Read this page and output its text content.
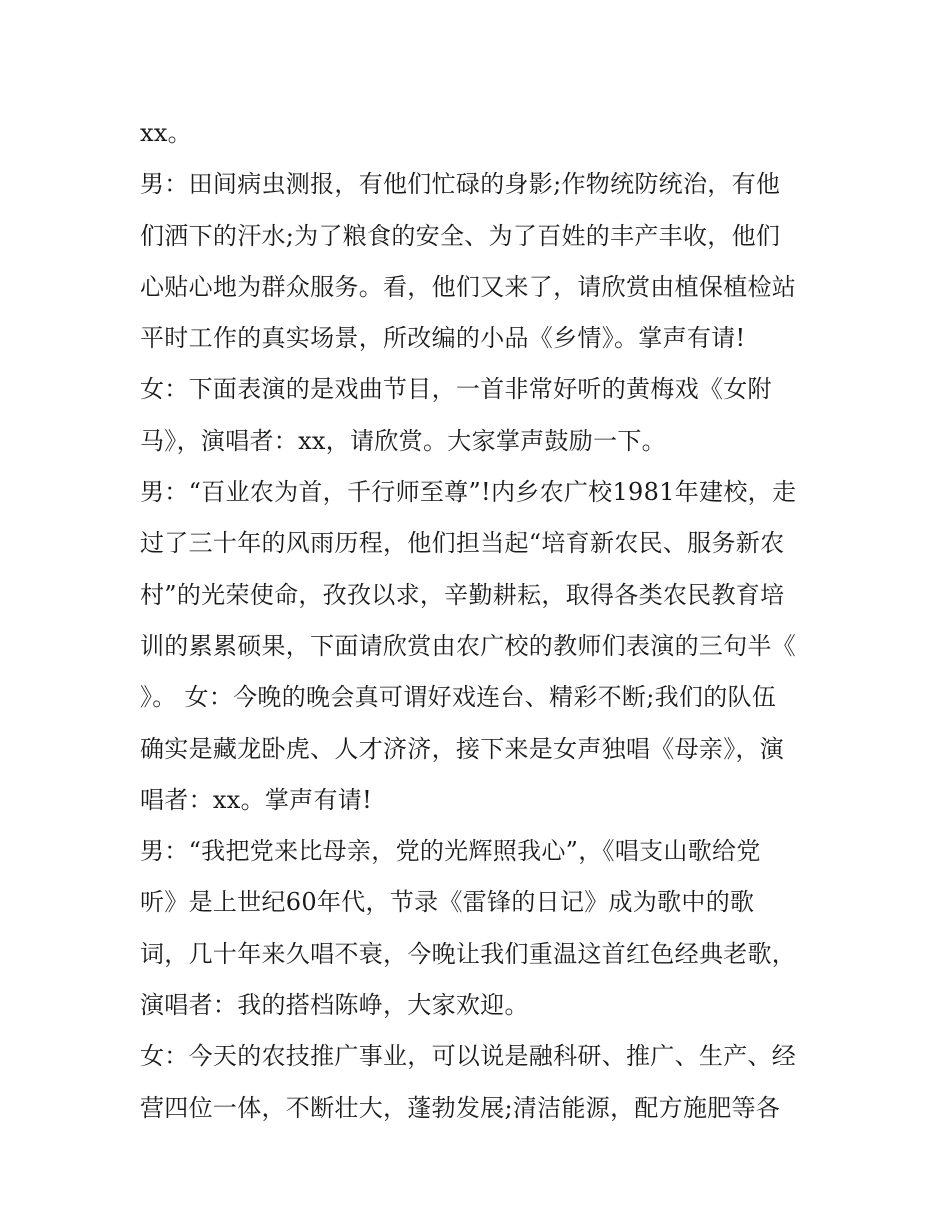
xx。
男：田间病虫测报，有他们忙碌的身影;作物统防统治，有他
们洒下的汗水;为了粮食的安全、为了百姓的丰产丰收，他们
心贴心地为群众服务。看，他们又来了，请欣赏由植保植检站
平时工作的真实场景，所改编的小品《乡情》。掌声有请!
女：下面表演的是戏曲节目，一首非常好听的黄梅戏《女附
马》，演唱者：xx，请欣赏。大家掌声鼓励一下。
男：“百业农为首，千行师至尊”!内乡农广校1981年建校，走
过了三十年的风雨历程，他们担当起“培育新农民、服务新农
村”的光荣使命，孜孜以求，辛勤耕耘，取得各类农民教育培
训的累累硕果，下面请欣赏由农广校的教师们表演的三句半《
》。 女：今晚的晚会真可谓好戏连台、精彩不断;我们的队伍
确实是藏龙卧虎、人才济济，接下来是女声独唱《母亲》，演
唱者：xx。掌声有请!
男：“我把党来比母亲，党的光辉照我心”，《唱支山歌给党
听》是上世纪60年代，节录《雷锋的日记》成为歌中的歌
词，几十年来久唱不衰，今晚让我们重温这首红色经典老歌，
演唱者：我的搭档陈峥，大家欢迎。
女：今天的农技推广事业，可以说是融科研、推广、生产、经
营四位一体，不断壮大，蓬勃发展;清洁能源，配方施肥等各
